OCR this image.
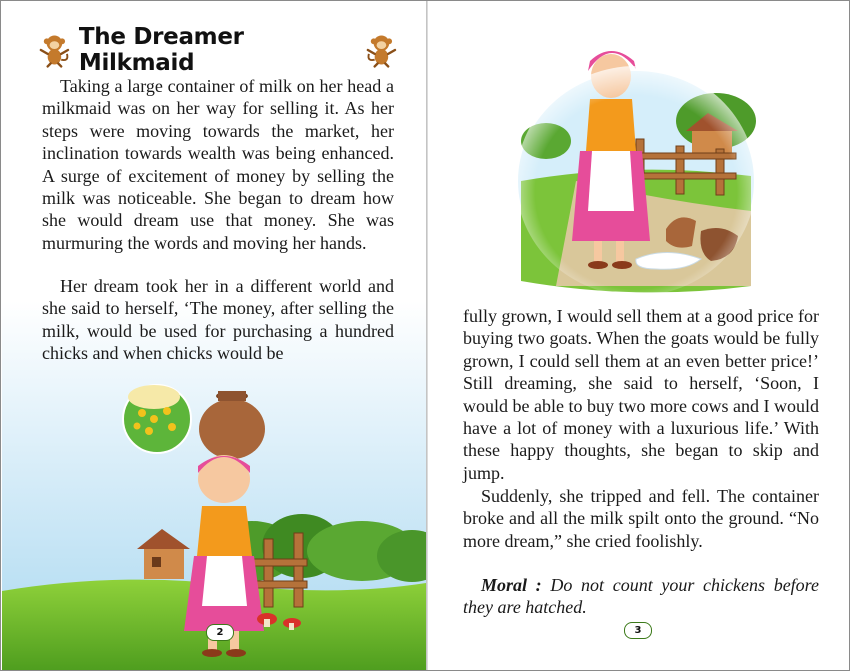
The Dreamer Milkmaid

Taking a large container of milk on her head a milkmaid was on her way for selling it. As her steps were moving towards the market, her inclination towards wealth was being enhanced. A surge of excitement of money by selling the milk was noticeable. She began to dream how she would dream use that money. She was murmuring the words and moving her hands.

Her dream took her in a different world and she said to herself, ‘The money, after selling the milk, would be used for purchasing a hundred chicks and when chicks would be

2

fully grown, I would sell them at a good price for buying two goats. When the goats would be fully grown, I could sell them at an even better price!’ Still dreaming, she said to herself, ‘Soon, I would be able to buy two more cows and I would have a lot of money with a luxurious life.’ With these happy thoughts, she began to skip and jump.

Suddenly, she tripped and fell. The container broke and all the milk spilt onto the ground. “No more dream,” she cried foolishly.

Moral : Do not count your chickens before they are hatched.

3
